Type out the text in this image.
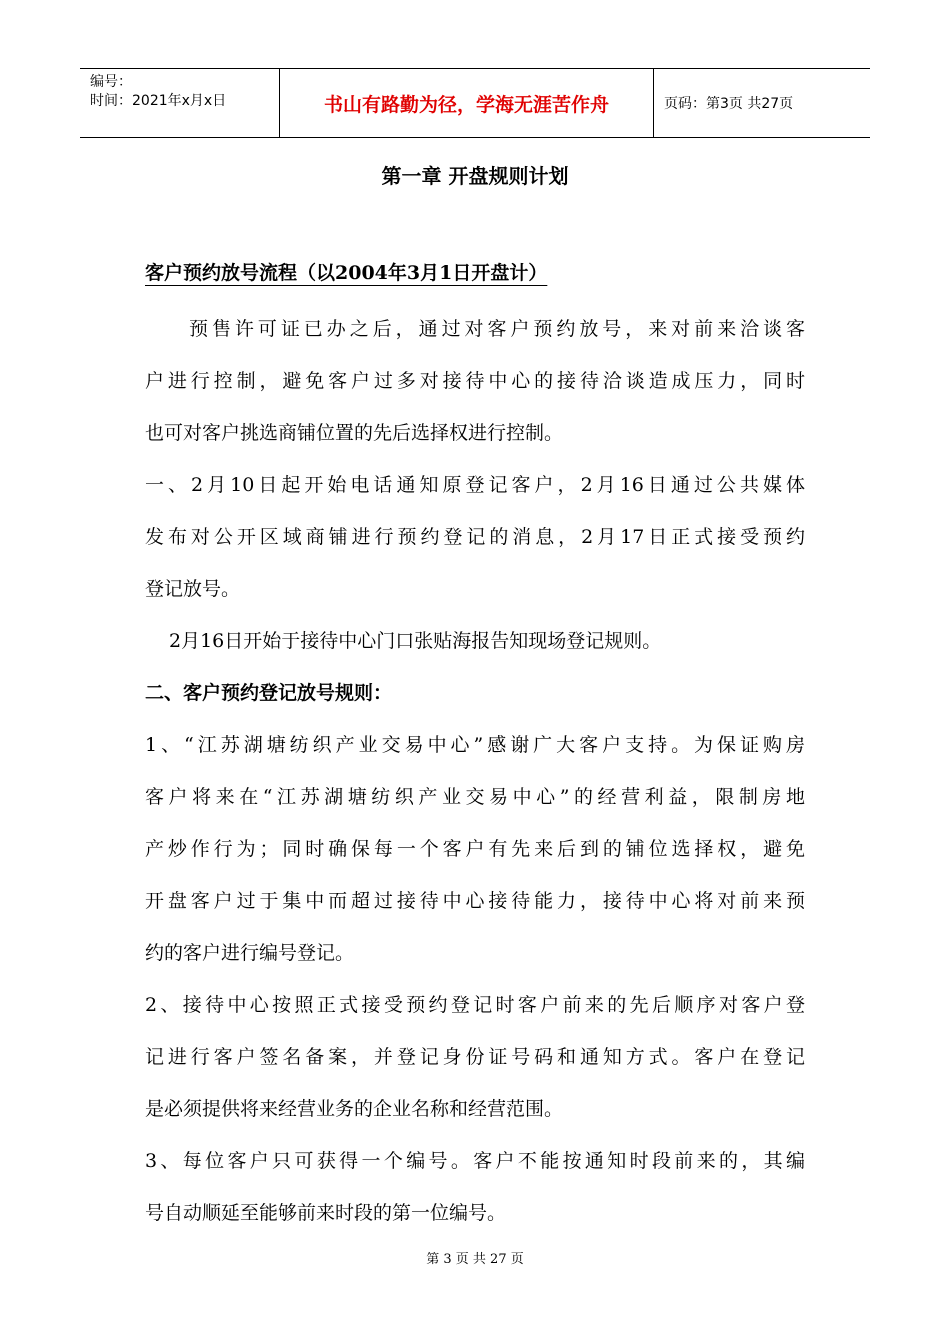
编号：
时间：2021年x月x日	书山有路勤为径，学海无涯苦作舟	页码：第3页 共27页
第一章 开盘规则计划
客户预约放号流程（以2004年3月1日开盘计）
预售许可证已办之后，通过对客户预约放号，来对前来洽谈客
户进行控制，避免客户过多对接待中心的接待洽谈造成压力，同时
也可对客户挑选商铺位置的先后选择权进行控制。
一、2月10日起开始电话通知原登记客户，2月16日通过公共媒体
发布对公开区域商铺进行预约登记的消息，2月17日正式接受预约
登记放号。
2月16日开始于接待中心门口张贴海报告知现场登记规则。
二、客户预约登记放号规则：
1、“江苏湖塘纺织产业交易中心”感谢广大客户支持。为保证购房
客户将来在“江苏湖塘纺织产业交易中心”的经营利益，限制房地
产炒作行为；同时确保每一个客户有先来后到的铺位选择权，避免
开盘客户过于集中而超过接待中心接待能力，接待中心将对前来预
约的客户进行编号登记。
2、接待中心按照正式接受预约登记时客户前来的先后顺序对客户登
记进行客户签名备案，并登记身份证号码和通知方式。客户在登记
是必须提供将来经营业务的企业名称和经营范围。
3、每位客户只可获得一个编号。客户不能按通知时段前来的，其编
号自动顺延至能够前来时段的第一位编号。
第 3 页 共 27 页
